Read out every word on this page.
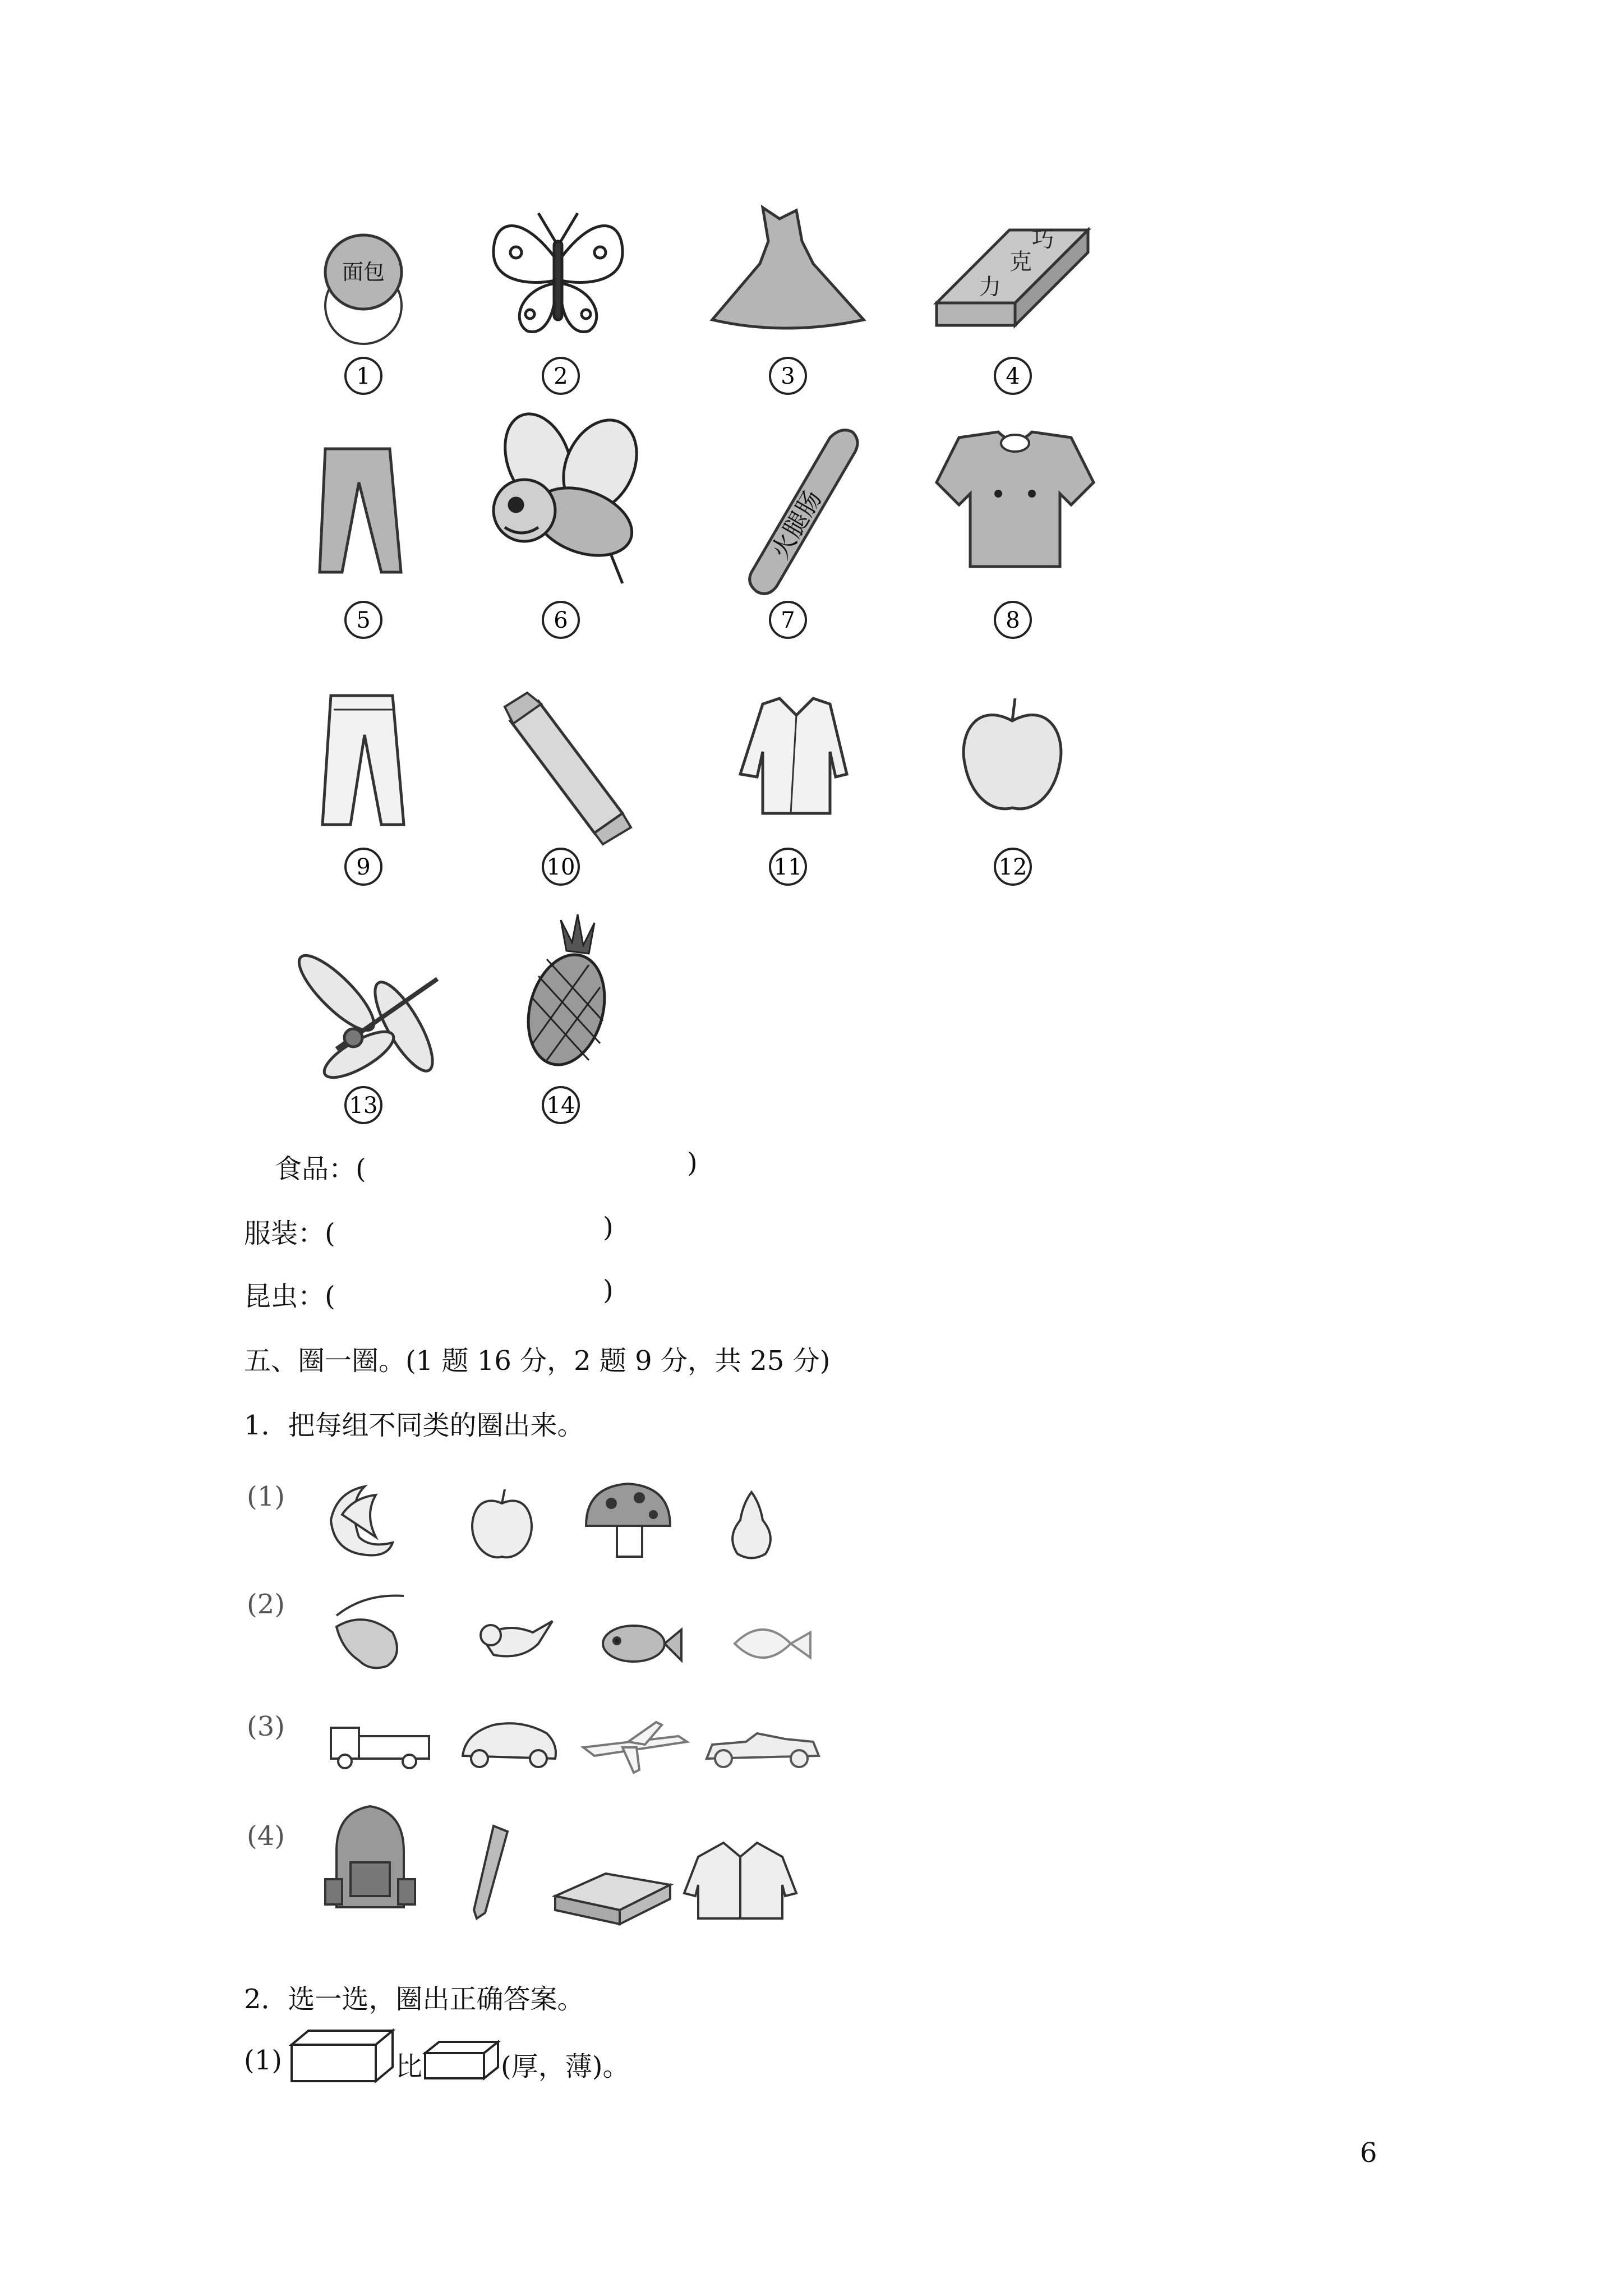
面包
巧
克
力
1	2	3	4
火腿肠
5	6	7	8
9	10	11	12
13	14
食品：(	)
服装：(	)
昆虫：(	)
五、圈一圈。(1 题 16 分，2 题 9 分，共 25 分)
1．把每组不同类的圈出来。
(1)
(2)
(3)
(4)
2．选一选，圈出正确答案。
(1)	比	(厚，薄)。
6
